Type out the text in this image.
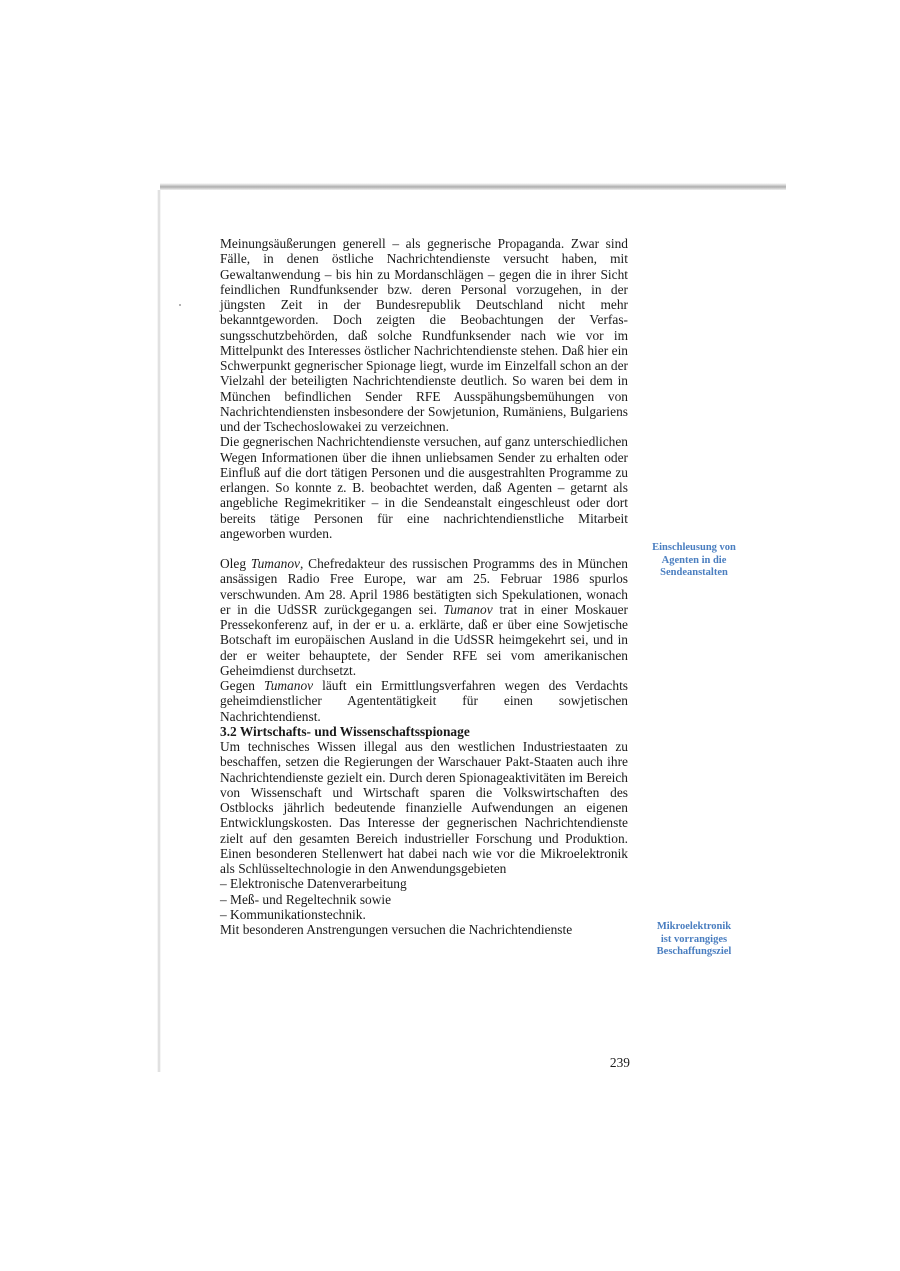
Meinungsäußerungen generell – als gegnerische Propaganda. Zwar sind Fälle, in denen östliche Nachrichtendienste versucht haben, mit Gewaltanwendung – bis hin zu Mordanschlägen – gegen die in ihrer Sicht feindlichen Rundfunksender bzw. deren Personal vorzugehen, in der jüngsten Zeit in der Bundesrepublik Deutschland nicht mehr bekanntgeworden. Doch zeigten die Beobachtungen der Verfassungsschutzbehörden, daß solche Rundfunksender nach wie vor im Mittelpunkt des Interesses östlicher Nachrichtendienste stehen. Daß hier ein Schwerpunkt gegnerischer Spionage liegt, wurde im Einzelfall schon an der Vielzahl der beteiligten Nachrichtendienste deutlich. So waren bei dem in München befindlichen Sender RFE Ausspähungsbemühungen von Nachrichtendiensten insbesondere der Sowjetunion, Rumäniens, Bulgariens und der Tschechoslowakei zu verzeichnen.

Die gegnerischen Nachrichtendienste versuchen, auf ganz unterschiedlichen Wegen Informationen über die ihnen unliebsamen Sender zu erhalten oder Einfluß auf die dort tätigen Personen und die ausgestrahlten Programme zu erlangen. So konnte z. B. beobachtet werden, daß Agenten – getarnt als angebliche Regimekritiker – in die Sendeanstalt eingeschleust oder dort bereits tätige Personen für eine nachrichtendienstliche Mitarbeit angeworben wurden.

Oleg Tumanov, Chefredakteur des russischen Programms des in München ansässigen Radio Free Europe, war am 25. Februar 1986 spurlos verschwunden. Am 28. April 1986 bestätigten sich Spekulationen, wonach er in die UdSSR zurückgegangen sei. Tumanov trat in einer Moskauer Pressekonferenz auf, in der er u. a. erklärte, daß er über eine Sowjetische Botschaft im europäischen Ausland in die UdSSR heimgekehrt sei, und in der er weiter behauptete, der Sender RFE sei vom amerikanischen Geheimdienst durchsetzt.

Gegen Tumanov läuft ein Ermittlungsverfahren wegen des Verdachts geheimdienstlicher Agententätigkeit für einen sowjetischen Nachrichtendienst.

3.2 Wirtschafts- und Wissenschaftsspionage

Um technisches Wissen illegal aus den westlichen Industriestaaten zu beschaffen, setzen die Regierungen der Warschauer Pakt-Staaten auch ihre Nachrichtendienste gezielt ein. Durch deren Spionageaktivitäten im Bereich von Wissenschaft und Wirtschaft sparen die Volkswirtschaften des Ostblocks jährlich bedeutende finanzielle Aufwendungen an eigenen Entwicklungskosten. Das Interesse der gegnerischen Nachrichtendienste zielt auf den gesamten Bereich industrieller Forschung und Produktion. Einen besonderen Stellenwert hat dabei nach wie vor die Mikroelektronik als Schlüsseltechnologie in den Anwendungsgebieten

– Elektronische Datenverarbeitung

– Meß- und Regeltechnik sowie

– Kommunikationstechnik.

Mit besonderen Anstrengungen versuchen die Nachrichtendienste

Einschleusung von
Agenten in die
Sendeanstalten
Mikroelektronik
ist vorrangiges
Beschaffungsziel
239
